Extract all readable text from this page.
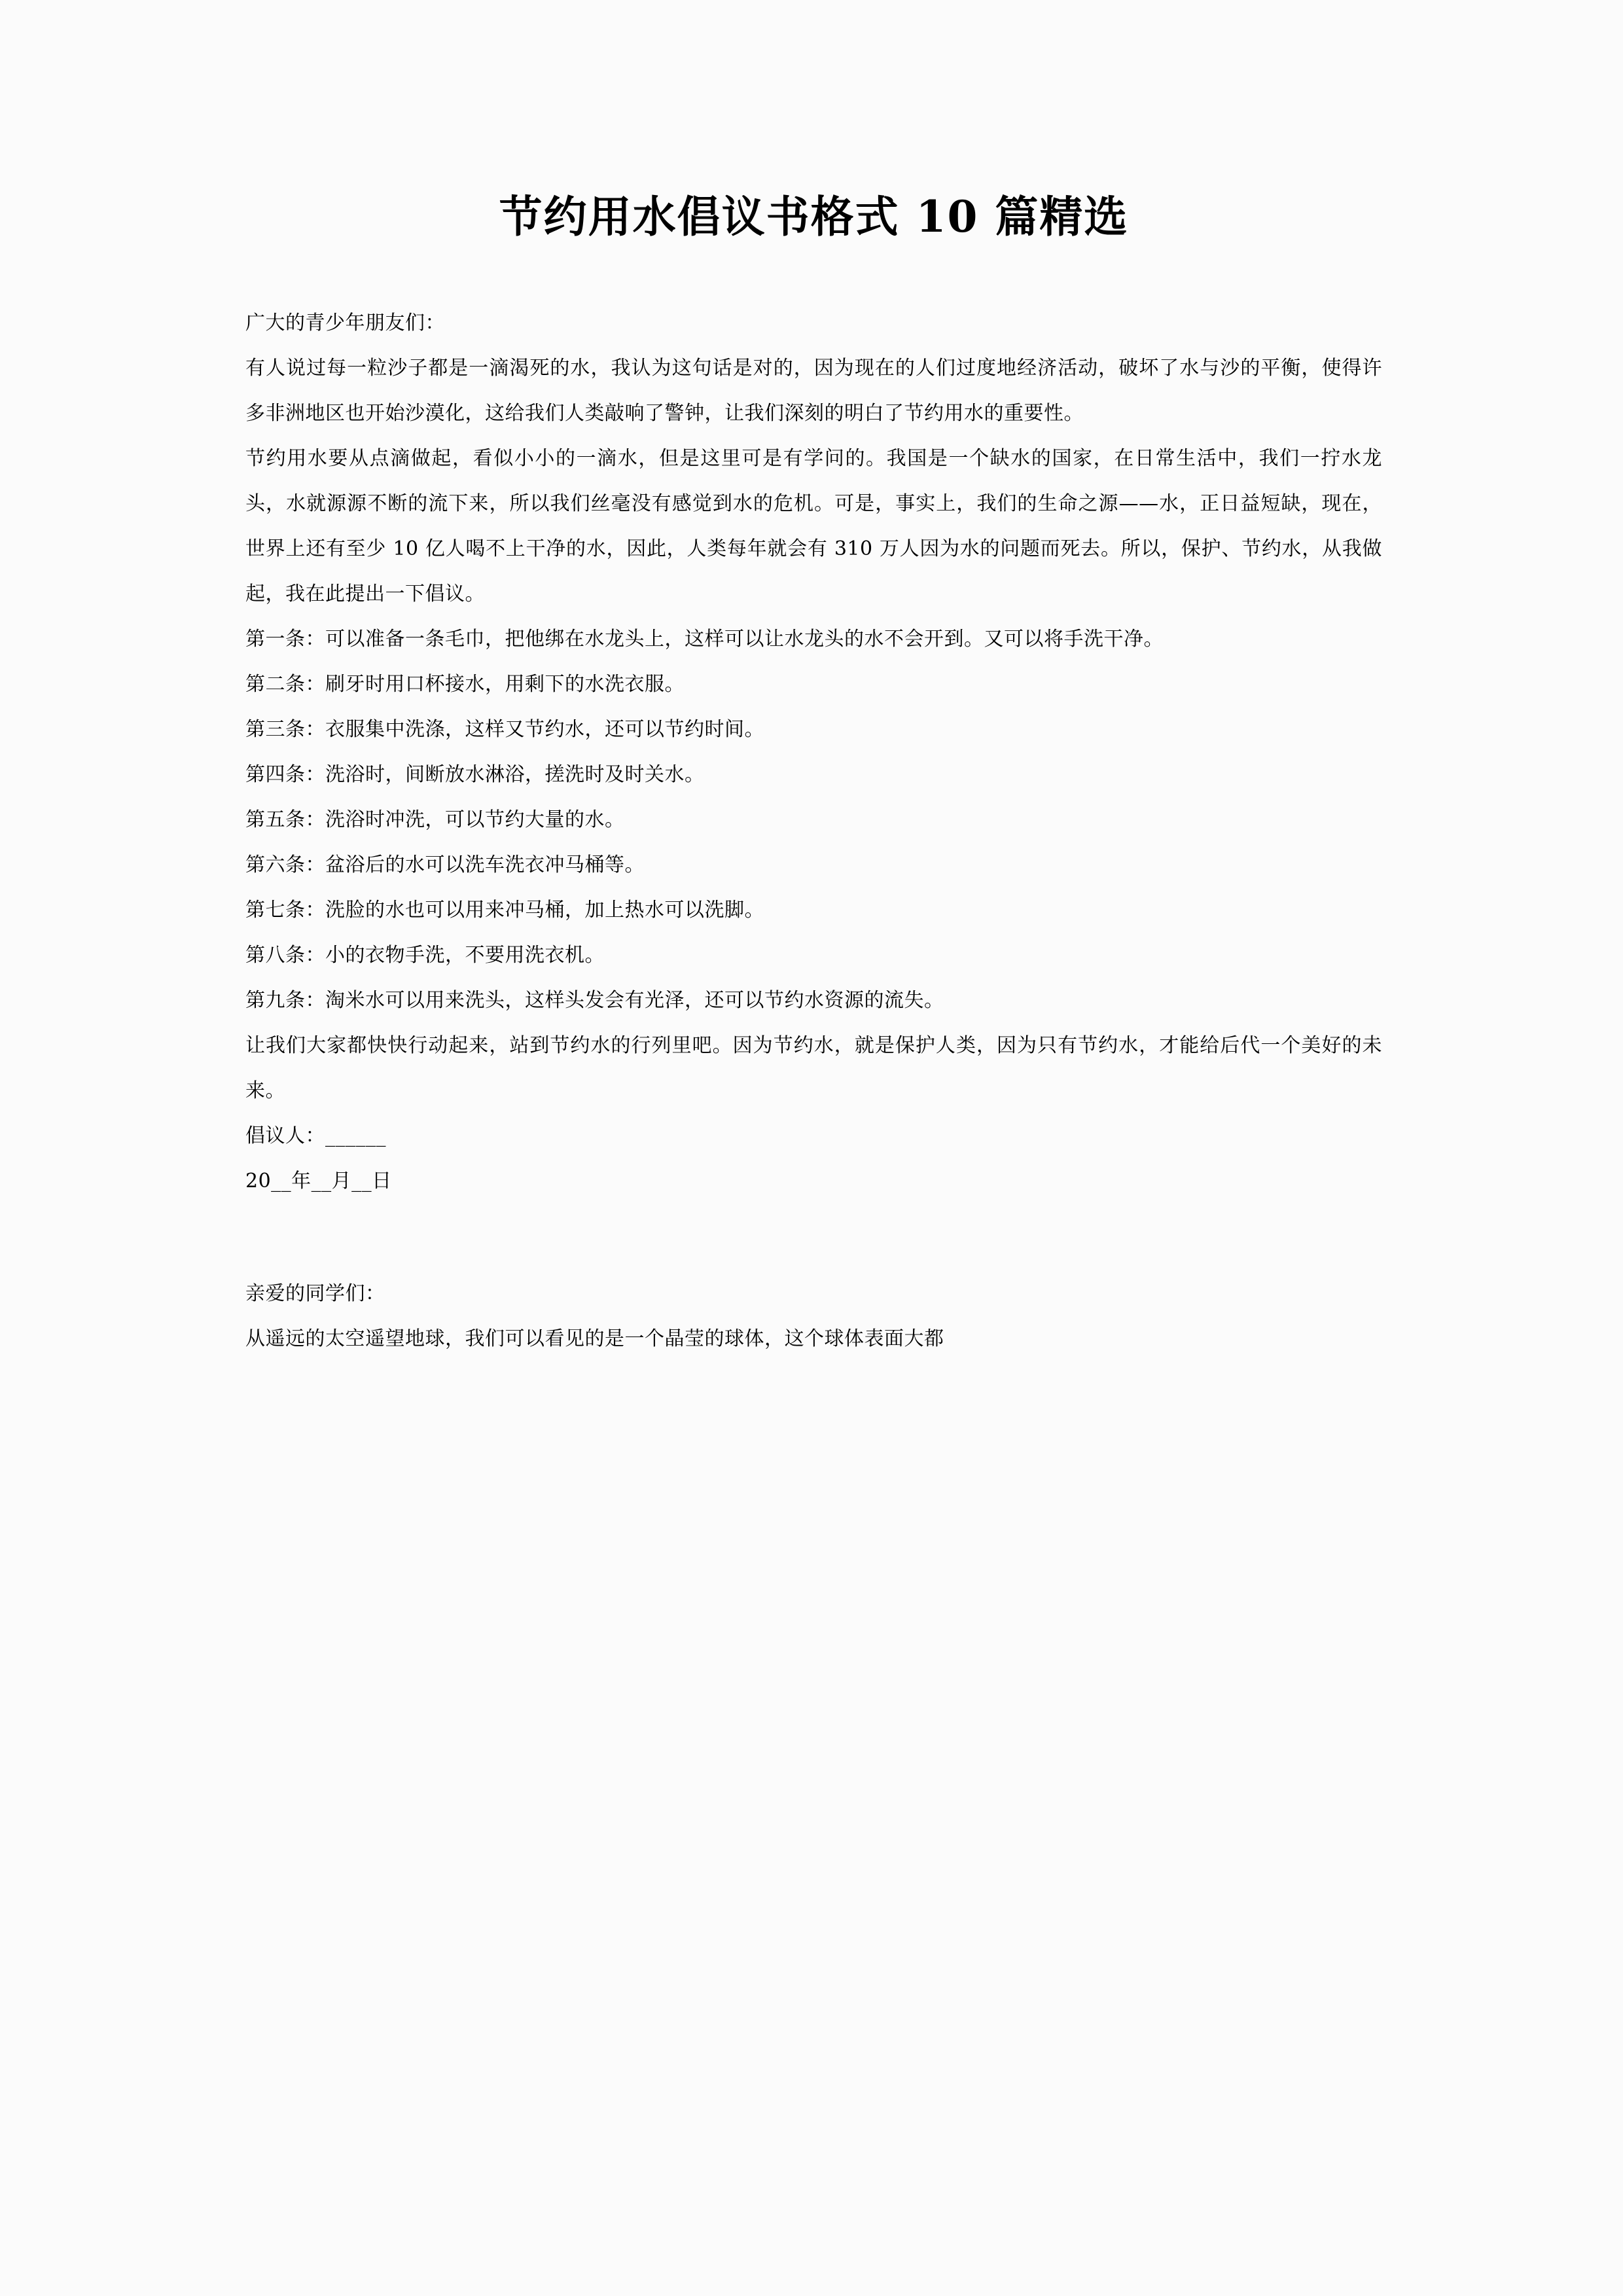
节约用水倡议书格式 10 篇精选

广大的青少年朋友们：

有人说过每一粒沙子都是一滴渴死的水，我认为这句话是对的，因为现在的人们过度地经济活动，破坏了水与沙的平衡，使得许多非洲地区也开始沙漠化，这给我们人类敲响了警钟，让我们深刻的明白了节约用水的重要性。

节约用水要从点滴做起，看似小小的一滴水，但是这里可是有学问的。我国是一个缺水的国家，在日常生活中，我们一拧水龙头，水就源源不断的流下来，所以我们丝毫没有感觉到水的危机。可是，事实上，我们的生命之源——水，正日益短缺，现在，世界上还有至少 10 亿人喝不上干净的水，因此，人类每年就会有 310 万人因为水的问题而死去。所以，保护、节约水，从我做起，我在此提出一下倡议。

第一条：可以准备一条毛巾，把他绑在水龙头上，这样可以让水龙头的水不会开到。又可以将手洗干净。

第二条：刷牙时用口杯接水，用剩下的水洗衣服。

第三条：衣服集中洗涤，这样又节约水，还可以节约时间。

第四条：洗浴时，间断放水淋浴，搓洗时及时关水。

第五条：洗浴时冲洗，可以节约大量的水。

第六条：盆浴后的水可以洗车洗衣冲马桶等。

第七条：洗脸的水也可以用来冲马桶，加上热水可以洗脚。

第八条：小的衣物手洗，不要用洗衣机。

第九条：淘米水可以用来洗头，这样头发会有光泽，还可以节约水资源的流失。

让我们大家都快快行动起来，站到节约水的行列里吧。因为节约水，就是保护人类，因为只有节约水，才能给后代一个美好的未来。

倡议人：______

20__年__月__日

亲爱的同学们：

从遥远的太空遥望地球，我们可以看见的是一个晶莹的球体，这个球体表面大都
